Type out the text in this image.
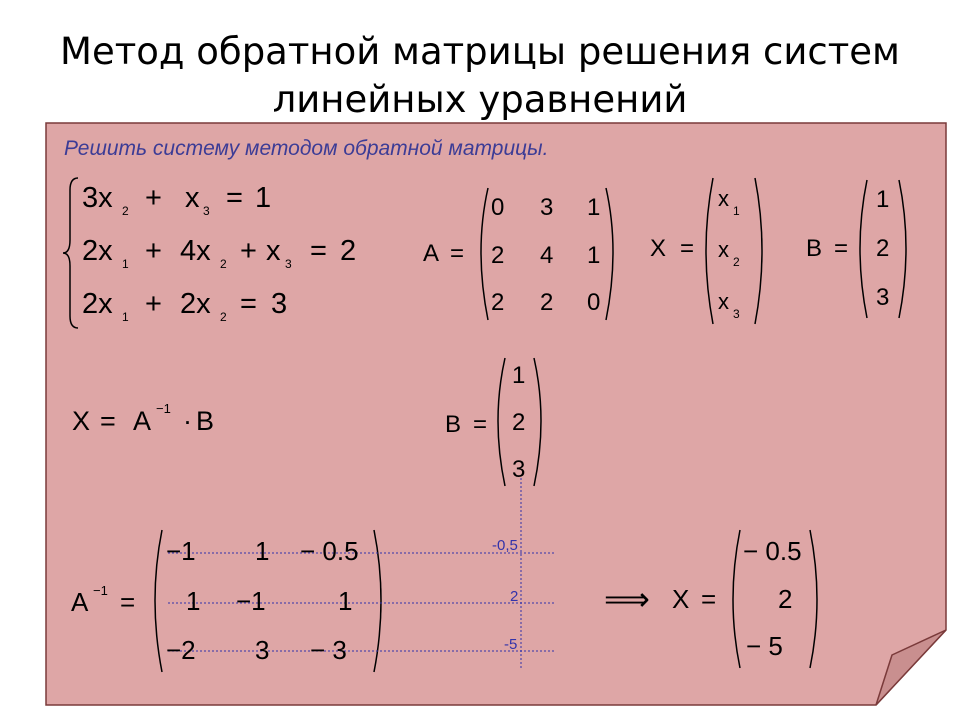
Метод обратной матрицы решения систем
линейных уравнений
Решить систему методом обратной матрицы.
3x 2 + x 3 = 1
2x 1 + 4x 2 + x 3 = 2
2x 1 + 2x 2 = 3
A =
0 3 1
2 4 1
2 2 0
X =
x 1
x 2
x 3
B =
1
2
3
X = A −1 · B	B =
1
2
3
A −1 =
−1 1 − 0.5
1 −1	1
−2 3 − 3
-0,5
2
-5
⟹ X =
− 0.5
2
− 5
